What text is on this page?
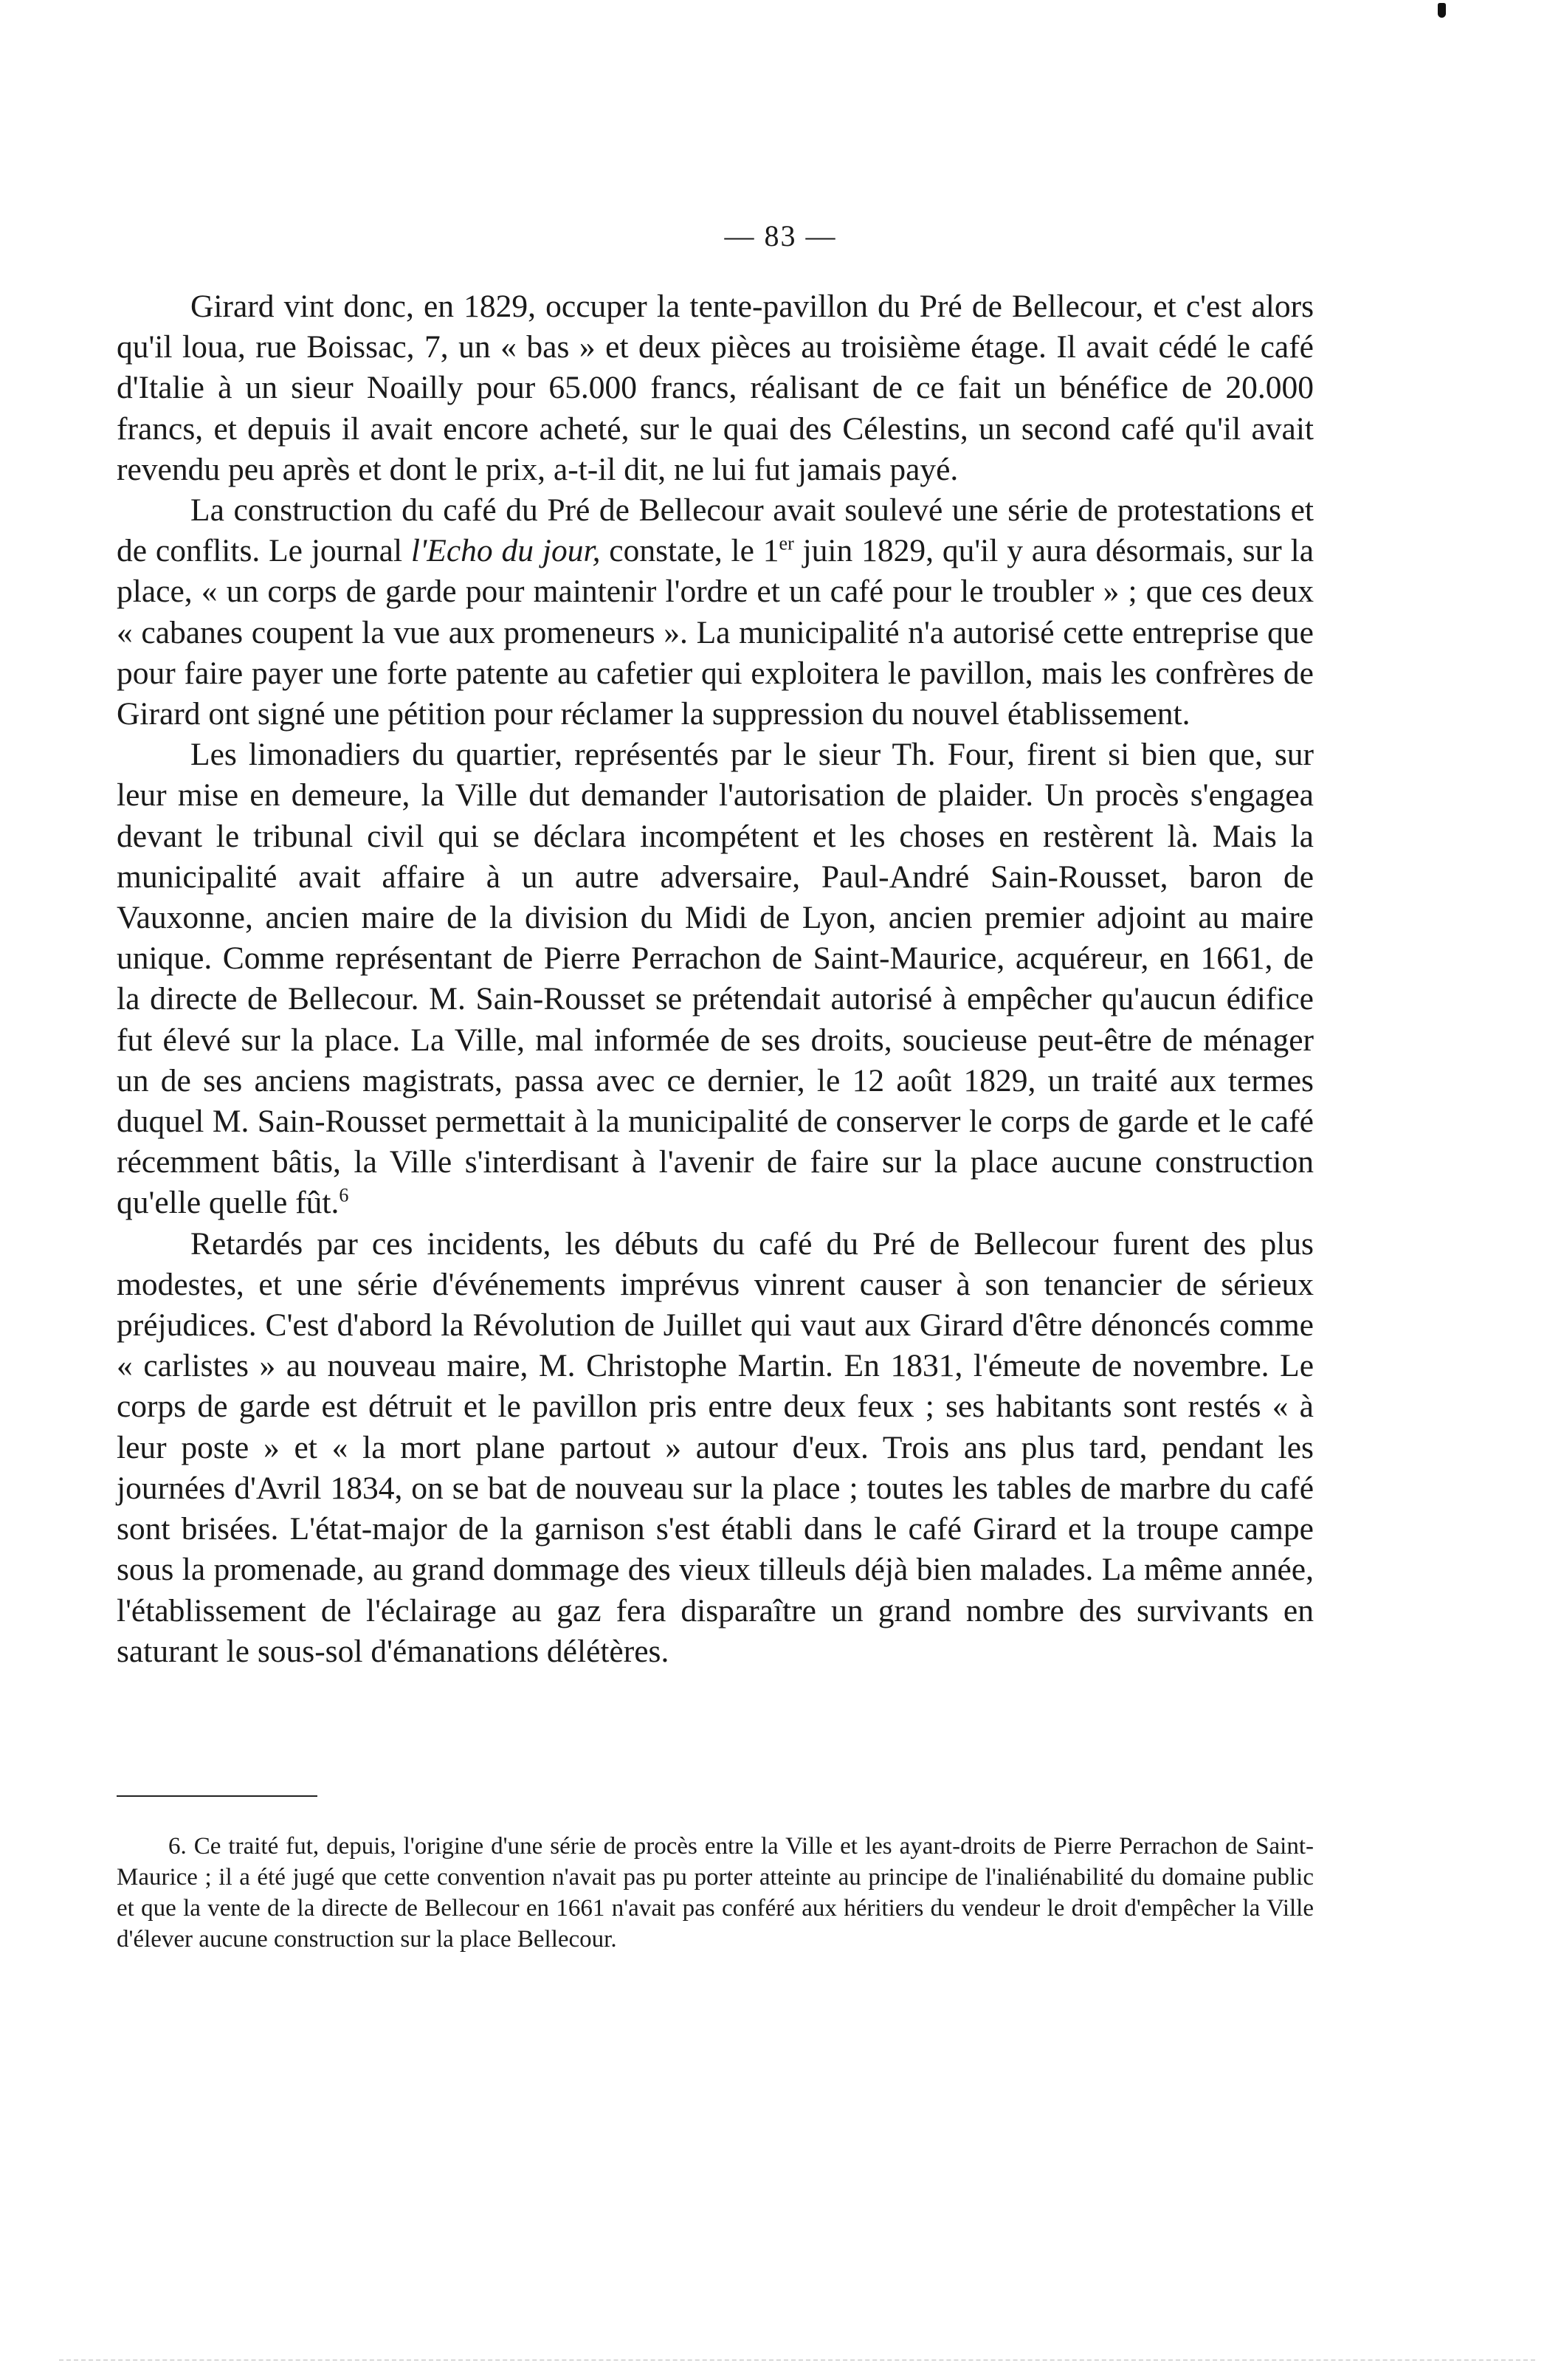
— 83 —

Girard vint donc, en 1829, occuper la tente-pavillon du Pré de Bellecour, et c'est alors qu'il loua, rue Boissac, 7, un « bas » et deux pièces au troisième étage. Il avait cédé le café d'Italie à un sieur Noailly pour 65.000 francs, réalisant de ce fait un bénéfice de 20.000 francs, et depuis il avait encore acheté, sur le quai des Célestins, un second café qu'il avait revendu peu après et dont le prix, a-t-il dit, ne lui fut jamais payé.

La construction du café du Pré de Bellecour avait soulevé une série de protestations et de conflits. Le journal l'Echo du jour, constate, le 1er juin 1829, qu'il y aura désormais, sur la place, « un corps de garde pour maintenir l'ordre et un café pour le troubler » ; que ces deux « cabanes coupent la vue aux promeneurs ». La municipalité n'a autorisé cette entreprise que pour faire payer une forte patente au cafetier qui exploitera le pavillon, mais les confrères de Girard ont signé une pétition pour réclamer la suppression du nouvel établissement.

Les limonadiers du quartier, représentés par le sieur Th. Four, firent si bien que, sur leur mise en demeure, la Ville dut demander l'autorisation de plaider. Un procès s'engagea devant le tribunal civil qui se déclara incompétent et les choses en restèrent là. Mais la municipalité avait affaire à un autre adversaire, Paul-André Sain-Rousset, baron de Vauxonne, ancien maire de la division du Midi de Lyon, ancien premier adjoint au maire unique. Comme représentant de Pierre Perrachon de Saint-Maurice, acquéreur, en 1661, de la directe de Bellecour. M. Sain-Rousset se prétendait autorisé à empêcher qu'aucun édifice fut élevé sur la place. La Ville, mal informée de ses droits, soucieuse peut-être de ménager un de ses anciens magistrats, passa avec ce dernier, le 12 août 1829, un traité aux termes duquel M. Sain-Rousset permettait à la municipalité de conserver le corps de garde et le café récemment bâtis, la Ville s'interdisant à l'avenir de faire sur la place aucune construction qu'elle quelle fût.$^6$

Retardés par ces incidents, les débuts du café du Pré de Bellecour furent des plus modestes, et une série d'événements imprévus vinrent causer à son tenancier de sérieux préjudices. C'est d'abord la Révolution de Juillet qui vaut aux Girard d'être dénoncés comme « carlistes » au nouveau maire, M. Christophe Martin. En 1831, l'émeute de novembre. Le corps de garde est détruit et le pavillon pris entre deux feux ; ses habitants sont restés « à leur poste » et « la mort plane partout » autour d'eux. Trois ans plus tard, pendant les journées d'Avril 1834, on se bat de nouveau sur la place ; toutes les tables de marbre du café sont brisées. L'état-major de la garnison s'est établi dans le café Girard et la troupe campe sous la promenade, au grand dommage des vieux tilleuls déjà bien malades. La même année, l'établissement de l'éclairage au gaz fera disparaître un grand nombre des survivants en saturant le sous-sol d'émanations délétères.

6. Ce traité fut, depuis, l'origine d'une série de procès entre la Ville et les ayant-droits de Pierre Perrachon de Saint-Maurice ; il a été jugé que cette convention n'avait pas pu porter atteinte au principe de l'inaliénabilité du domaine public et que la vente de la directe de Bellecour en 1661 n'avait pas conféré aux héritiers du vendeur le droit d'empêcher la Ville d'élever aucune construction sur la place Bellecour.
